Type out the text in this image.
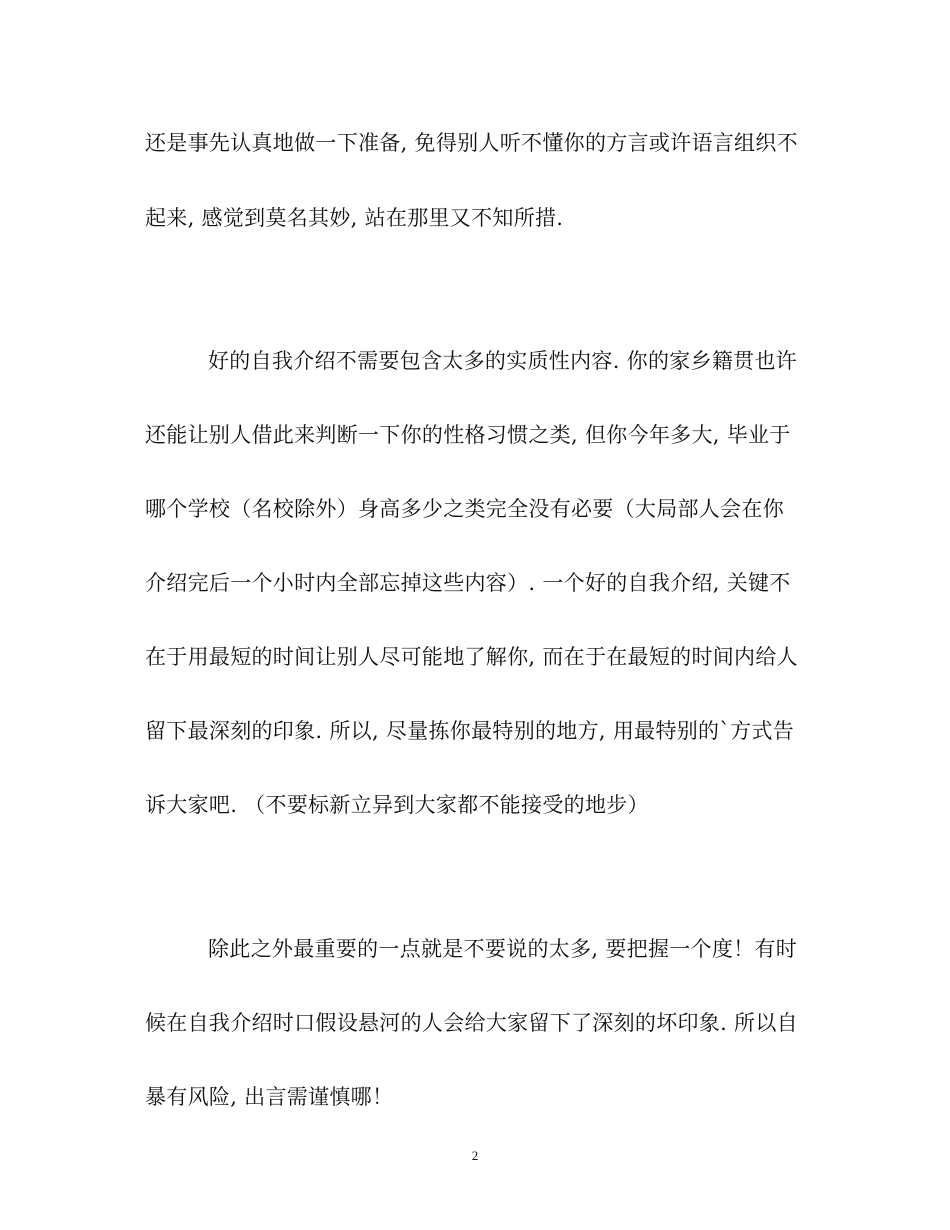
还是事先认真地做一下准备, 免得别人听不懂你的方言或许语言组织不
起来, 感觉到莫名其妙, 站在那里又不知所措.
好的自我介绍不需要包含太多的实质性内容. 你的家乡籍贯也许
还能让别人借此来判断一下你的性格习惯之类, 但你今年多大, 毕业于
哪个学校（名校除外）身高多少之类完全没有必要（大局部人会在你
介绍完后一个小时内全部忘掉这些内容）. 一个好的自我介绍, 关键不
在于用最短的时间让别人尽可能地了解你, 而在于在最短的时间内给人
留下最深刻的印象. 所以, 尽量拣你最特别的地方, 用最特别的`方式告
诉大家吧. （不要标新立异到大家都不能接受的地步）
除此之外最重要的一点就是不要说的太多, 要把握一个度！有时
候在自我介绍时口假设悬河的人会给大家留下了深刻的坏印象. 所以自
暴有风险, 出言需谨慎哪！
2
